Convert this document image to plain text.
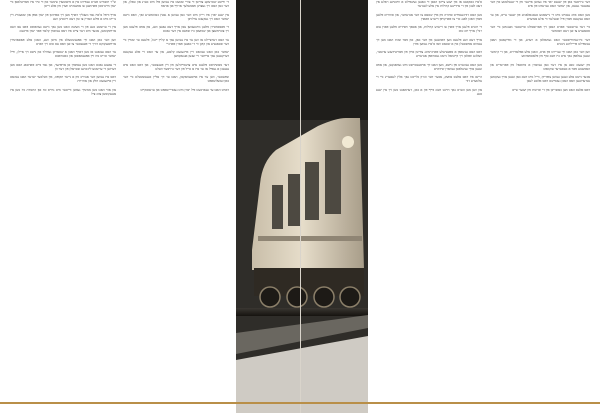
ש"ר תשמיש ווערט געפירט אין א פינסטערן צימער און די טיר איז פארשלאסן ביי יעדן מיינדסטן פארמעגן צו אפגעהיט ווערן פון אלע זייטן

אויף וויפל ס'איז נאר מעגליך דארף מען זיך אפהיטן פון יעדן אופן און שטענדיג זיין גרייט מיט א פולע הארץ צו טון דעם ריכטיגן וועג

אין די ערשטע טעג פון די מעשה האט מען נאך נישט געוואוסט וואס עס וועט ארויסקומען, אבער מיט דער צייט איז דאס געווארן קלאר פאר יעדן איינעם

ווען דער באן האט זיך אפגעשטעלט אין מיטן וועג, האבן אלע פאסאזשירן ארויסגעקוקט דורך די פענצטער צו זען וואס עס טוט זיך דארט

ער האט געזאגט אז מען דארף האבן א שטארקן געדולד און נישט זיך איילן, ווייל יעדער טריט מוז זיין אפגעמאסטן און באטראכט

די גאנצע נאכט האט מען געפארן אן אויפהער, און נאר ביים פארטאג האט מען דערזען די ערשטע ליכטיגע שטראלן פון דער זון

דאס איז געווען דער אנהייב פון א נייער תקופה, אין וועלכער יעדער האט געהאט זיין אייגענעם חלק און אחריות

און אזוי האט מען ממשיך געווען ווייטער מיט גרויס כח און התמדה ביז מען איז אנגעקומען צום ציל

די ווייטע שטרעקע צווישן די צוויי שטעט איז געווען פול מיט בערג און טאלן, און דער באן האט זיך געצויגן פאמעלעך ארויף און אראפ

אין יענע יארן איז רייזן מיט דער באן געווען א גאנץ באזונדערע זאך, וואס נישט יעדער האט זיך געקענט ערלויבן

די פאסאזשירן פלעגן מיטנעמען עסן אויף דעם גאנצן וועג, און אפט פלעגט מען זיך צונויפזעצן און שמועסן ביז שפעט אין דער נאכט

ער האט דערציילט אז ווען ער איז געווען נאך א קליין יינגל, פלעגט ער שטיין ביי דער סטאנציע און קוקן ווי די באנען פארן פארביי

יעדער באן האט געהאט זיין אייגענעם קלאנג, און ער האט זיי אלע געקענט דערקענען נאך איידער זיי זענען אנגעקומען

דער מאשיניסט פלעגט אים צושמייכלען פון זיין פענצטער, און דאס האט אים געגעבן א געפיל אז ער איז א טייל פון דער גרויסער וועלט

שפעטער, ווען ער איז אויסגעוואקסן, האט ער זיך אליין אנגעשטעלט ביי דער באן-געזעלשאפט

דארט האט ער געארבעט פיל יארן מיט געטריישאפט און ערנסטקייט

ס'איז באקאנט אז אין יענע צייטן האבן די באנען געשפילט א וויכטיגע ראלע אין דעם לעבן פון די אידישע קהילות אין אלע לענדער

מען האט דורכגעפירט סחורה פון איין שטאט צו דער אנדערער, און סוחרים פלעגן פארן וואכן לאנג כדי צו פארקויפן זייערע וואארן

די רבנים פלעגן אויך פארן צו זייערע קהילות, און אסאך חסידים פלעגן פארן צום רבי'ן אויף יום טוב

אויף דעם וועג פלעגט מען דאווענען אין דער באן, און פאר שבת האט מען זיך געמוזט אפשטעלן אין א שטאט וואו ס'איז געווען אידן

דאס האט געשאפן א ספעציעלע פארבינדונג צווישן אידן פון פארשידענע ערטער, וועלכע וואלטן זיך קיינמאל נישט געטראפן אנדערש

מען האט געהערט פון נייעס, מען האט זיך אויסגעטוישט מיט געדאנקען, און אפט זענען אויך געשלאסן געווארן שידוכים

היינט איז דאס אלעס אוועק, אבער דער זכרון בלייבט נאך אלץ לעבעדיג ביי די עלטערע דור

און ווען מען הערט נאך היינט דעם פייף פון א באן, דערמאנט מען זיך אין יענע טעג

דער גרויסער באן פון יענעם יאר איז געווען איינער פון די שנעלסטע אין דער גאנצער געגנט, און יעדער האט גערעדט פון אים

מען האט אים געבויט מיט די נייעסטע טעכנאלאגיע פון יענער צייט, און ער האט געקענט פארן פיל שנעלער ווי אלע אנדערע

ביי דער ערשטער פארט האבן זיך פארזאמלט טויזנטער מענטשן ביי דער סטאנציע צו זען דעם וואונדער

דער בירגערמייסטער האט געהאלטן א רעדע, און די מוזיקאנטן האבן געשפילט פרייליכע ניגונים

ווען דער באן האט זיך גערירט פון ארט, האבן אלע אפלאדירט, און די קינדער זענען געלאפן נאך אים ביז דעם סוף פון פלאטפארמע

פון יענעם טאג אן איז דער באן געווארן א סימבאל פון פארשריט און האפענונג פאר א בעסערער צוקונפט

אבער נישט אלע זענען געווען צופרידן, ווייל מיט דעם באן זענען אויך געקומען ענדערונגען וואס האבן געטוישט דאס אלטע לעבן

דאס אלעס האט מען באשריבן אין די זכרונות פון יענער צייט
